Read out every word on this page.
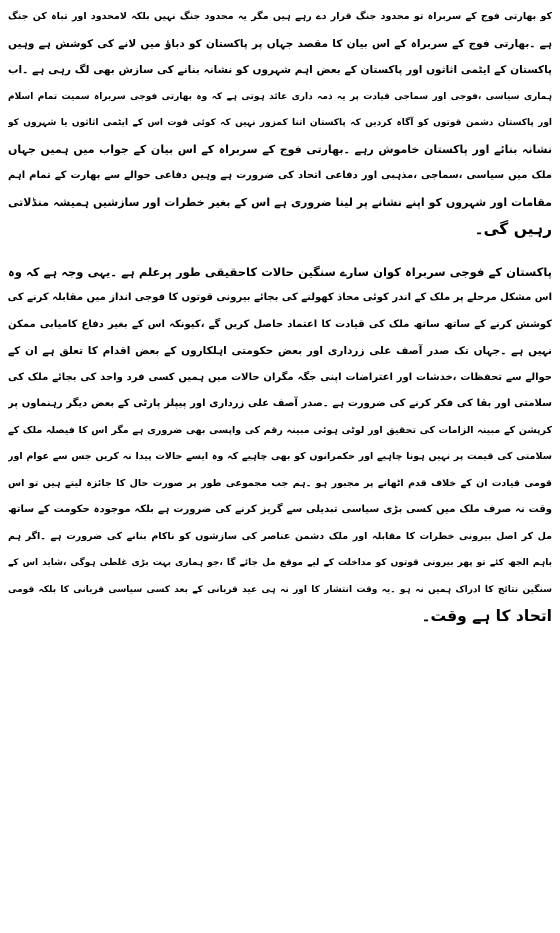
کو بھارتی فوج کے سربراہ تو محدود جنگ قرار دے رہے ہیں مگر یہ محدود جنگ نہیں بلکہ لامحدود اور تباہ کن جنگ
ہے ۔بھارتی فوج کے سربراہ کے اس بیان کا مقصد جہاں پر پاکستان کو دباؤ میں لانے کی کوشش ہے وہیں
پاکستان کے ایٹمی اثاثوں اور پاکستان کے بعض اہم شہروں کو نشانہ بنانے کی سازش بھی لگ رہی ہے ۔اب
ہماری سیاسی ،فوجی اور سماجی قیادت پر یہ ذمہ داری عائد ہوتی ہے کہ وہ بھارتی فوجی سربراہ سمیت تمام اسلام
اور پاکستان دشمن قوتوں کو آگاہ کردیں کہ پاکستان اتنا کمزور نہیں کہ کوئی قوت اس کے ایٹمی اثاثوں یا شہروں کو
نشانہ بنائے اور پاکستان خاموش رہے ۔بھارتی فوج کے سربراہ کے اس بیان کے جواب میں ہمیں جہاں
ملک میں سیاسی ،سماجی ،مذہبی اور دفاعی اتحاد کی ضرورت ہے وہیں دفاعی حوالے سے بھارت کے تمام اہم
مقامات اور شہروں کو اپنے نشانے پر لینا ضروری ہے اس کے بغیر خطرات اور سازشیں ہمیشہ منڈلاتی
رہیں گی۔
پاکستان کے فوجی سربراہ کوان سارے سنگین حالات کاحقیقی طور پرعلم ہے ۔یہی وجہ ہے کہ وہ
اس مشکل مرحلے پر ملک کے اندر کوئی محاذ کھولنے کی بجائے بیرونی قوتوں کا فوجی انداز میں مقابلہ کرنے کی
کوشش کرنے کے ساتھ ساتھ ملک کی قیادت کا اعتماد حاصل کریں گے ،کیونکہ اس کے بغیر دفاع کامیابی ممکن
نہیں ہے ۔جہاں تک صدر آصف علی زرداری اور بعض حکومتی اہلکاروں کے بعض اقدام کا تعلق ہے ان کے
حوالے سے تحفظات ،خدشات اور اعتراضات اپنی جگہ مگران حالات میں ہمیں کسی فرد واحد کی بجائے ملک کی
سلامتی اور بقا کی فکر کرنے کی ضرورت ہے ۔صدر آصف علی زرداری اور پیپلز پارٹی کے بعض دیگر رہنماوں پر
کرپشن کے مبینہ الزامات کی تحقیق اور لوٹی ہوئی مبینہ رقم کی واپسی بھی ضروری ہے مگر اس کا فیصلہ ملک کے
سلامتی کی قیمت پر نہیں ہونا چاہیے اور حکمرانوں کو بھی چاہیے کہ وہ ایسے حالات پیدا نہ کریں جس سے عوام اور
قومی قیادت ان کے خلاف قدم اٹھانے پر مجبور ہو ۔ہم جب مجموعی طور پر صورت حال کا جائزہ لیتے ہیں تو اس
وقت نہ صرف ملک میں کسی بڑی سیاسی تبدیلی سے گریز کرنے کی ضرورت ہے بلکہ موجودہ حکومت کے ساتھ
مل کر اصل بیرونی خطرات کا مقابلہ اور ملک دشمن عناصر کی سازشوں کو ناکام بنانے کی ضرورت ہے ۔اگر ہم
باہم الجھ کئے تو پھر بیرونی قوتوں کو مداخلت کے لیے موقع مل جائے گا ،جو ہماری بہت بڑی غلطی ہوگی ،شاید اس کے
سنگین نتائج کا ادراک ہمیں نہ ہو ۔یہ وقت انتشار کا اور نہ ہی عید قربانی کے بعد کسی سیاسی قربانی کا بلکہ قومی
اتحاد کا ہے وقت۔
